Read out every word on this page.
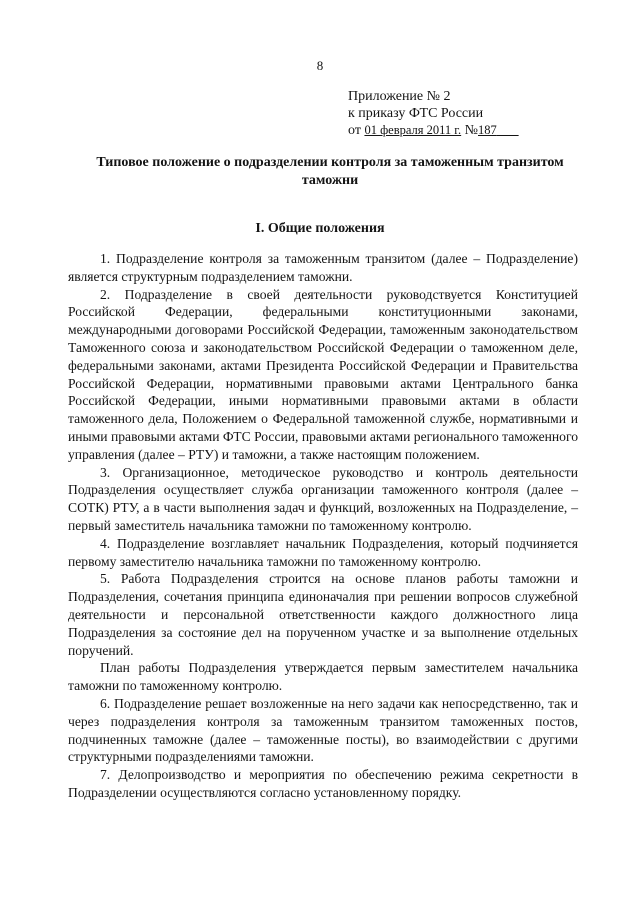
8
Приложение № 2
к приказу ФТС России
от 01 февраля 2011 г. №187
Типовое положение о подразделении контроля за таможенным транзитом таможни
I. Общие положения

1. Подразделение контроля за таможенным транзитом (далее – Подразделение) является структурным подразделением таможни.

2. Подразделение в своей деятельности руководствуется Конституцией Российской Федерации, федеральными конституционными законами, международными договорами Российской Федерации, таможенным законодательством Таможенного союза и законодательством Российской Федерации о таможенном деле, федеральными законами, актами Президента Российской Федерации и Правительства Российской Федерации, нормативными правовыми актами Центрального банка Российской Федерации, иными нормативными правовыми актами в области таможенного дела, Положением о Федеральной таможенной службе, нормативными и иными правовыми актами ФТС России, правовыми актами регионального таможенного управления (далее – РТУ) и таможни, а также настоящим положением.

3. Организационное, методическое руководство и контроль деятельности Подразделения осуществляет служба организации таможенного контроля (далее – СОТК) РТУ, а в части выполнения задач и функций, возложенных на Подразделение, – первый заместитель начальника таможни по таможенному контролю.

4. Подразделение возглавляет начальник Подразделения, который подчиняется первому заместителю начальника таможни по таможенному контролю.

5. Работа Подразделения строится на основе планов работы таможни и Подразделения, сочетания принципа единоначалия при решении вопросов служебной деятельности и персональной ответственности каждого должностного лица Подразделения за состояние дел на порученном участке и за выполнение отдельных поручений.

План работы Подразделения утверждается первым заместителем начальника таможни по таможенному контролю.

6. Подразделение решает возложенные на него задачи как непосредственно, так и через подразделения контроля за таможенным транзитом таможенных постов, подчиненных таможне (далее – таможенные посты), во взаимодействии с другими структурными подразделениями таможни.

7. Делопроизводство и мероприятия по обеспечению режима секретности в Подразделении осуществляются согласно установленному порядку.
